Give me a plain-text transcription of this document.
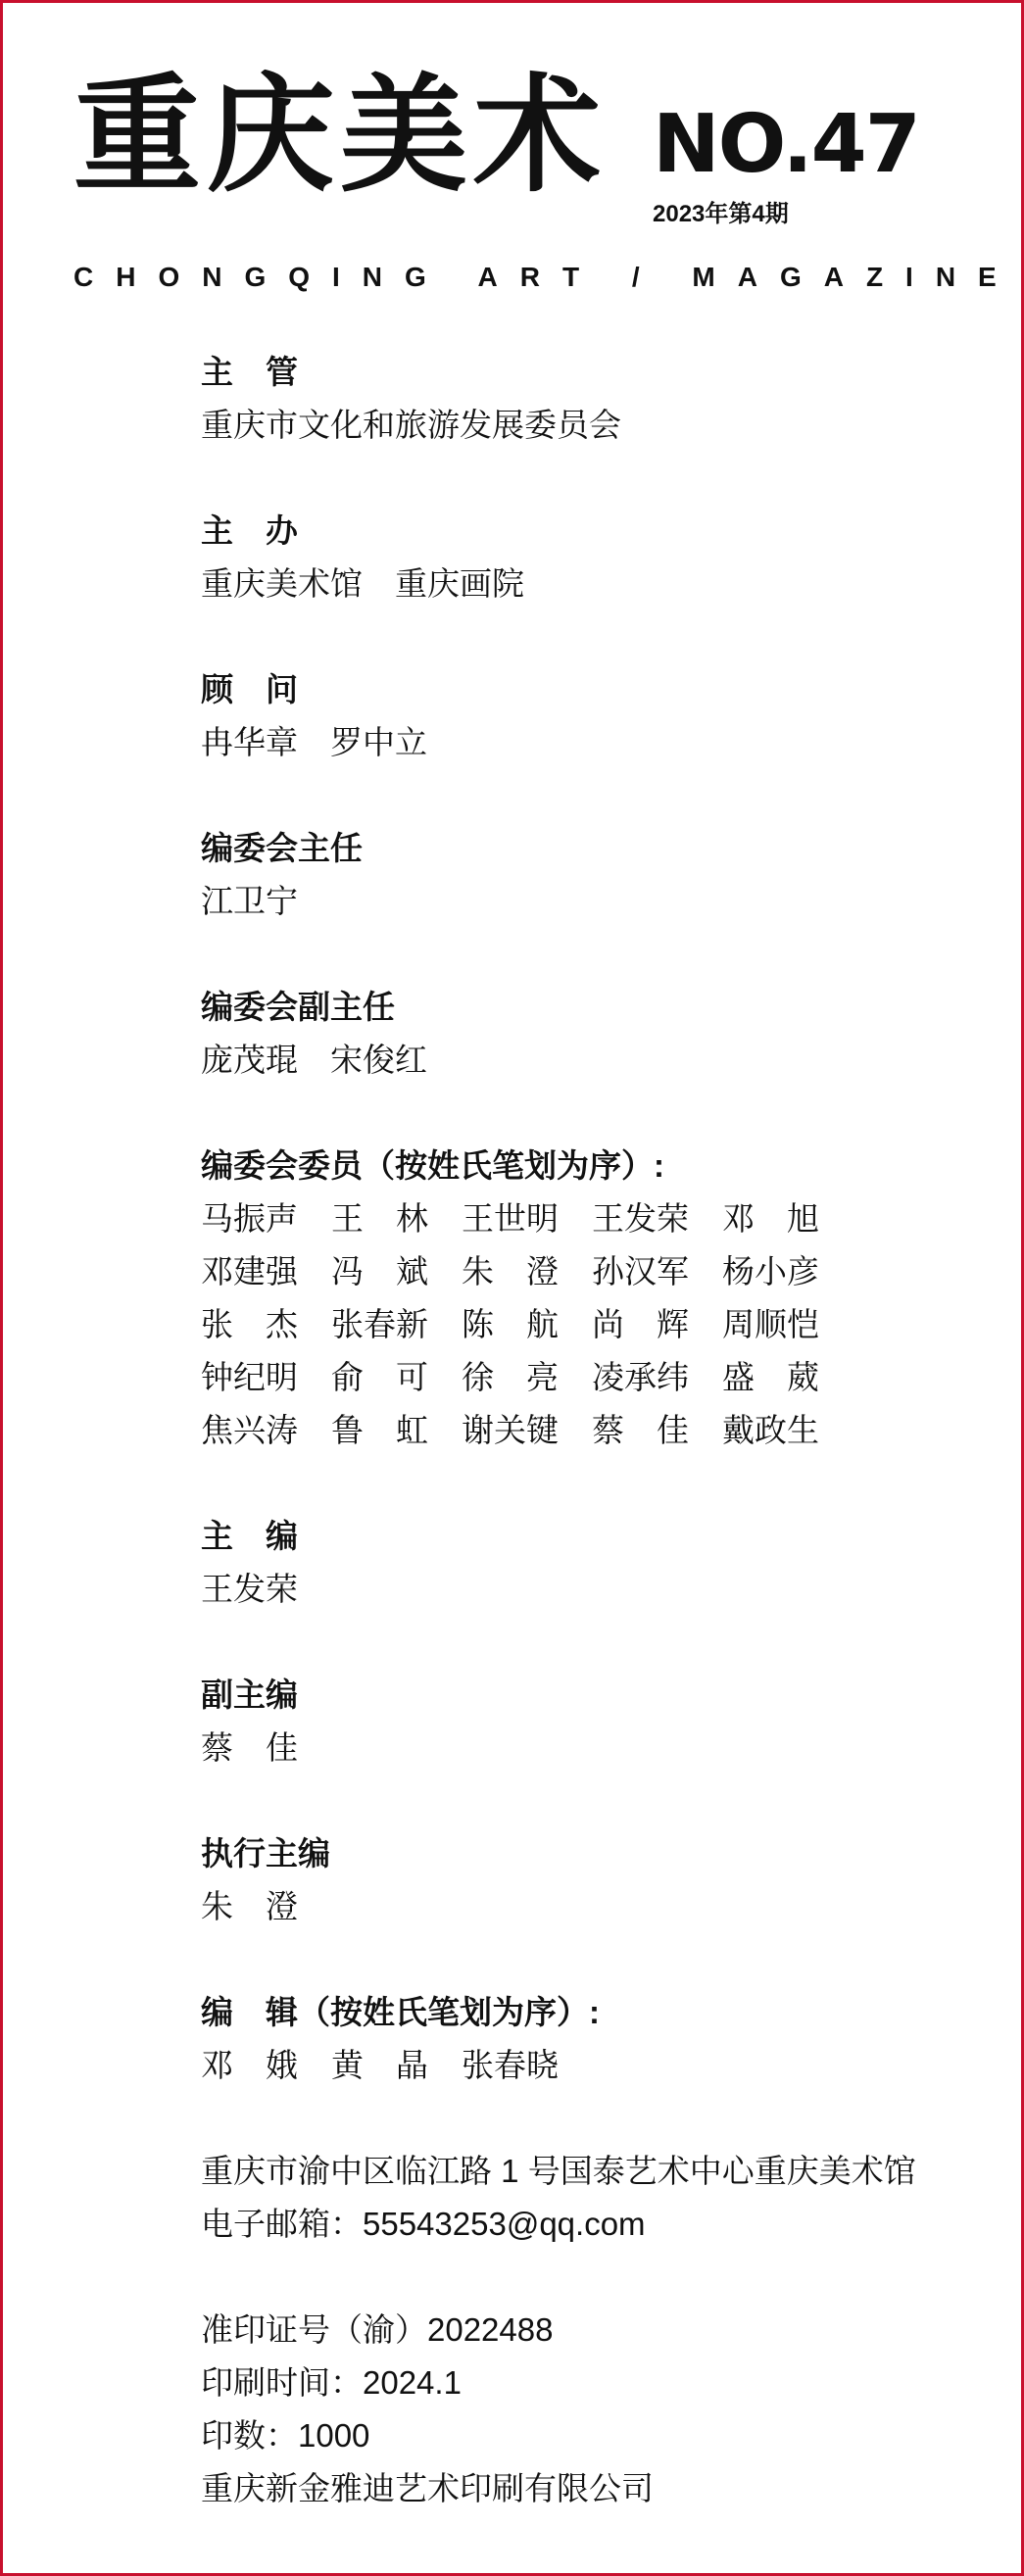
重庆美术 NO.47
2023年第4期
CHONGQING ART / MAGAZINE
主　管
重庆市文化和旅游发展委员会
主　办
重庆美术馆　重庆画院
顾　问
冉华章　罗中立
编委会主任
江卫宁
编委会副主任
庞茂琨　宋俊红
编委会委员（按姓氏笔划为序）:
马振声	王　林	王世明	王发荣	邓　旭
邓建强	冯　斌	朱　澄	孙汉军	杨小彦
张　杰	张春新	陈　航	尚　辉	周顺恺
钟纪明	俞　可	徐　亮	凌承纬	盛　葳
焦兴涛	鲁　虹	谢关键	蔡　佳	戴政生
主　编
王发荣
副主编
蔡　佳
执行主编
朱　澄
编　辑（按姓氏笔划为序）:
邓　娥	黄　晶	张春晓
重庆市渝中区临江路 1 号国泰艺术中心重庆美术馆
电子邮箱：55543253@qq.com
准印证号（渝）2022488
印刷时间：2024.1
印数：1000
重庆新金雅迪艺术印刷有限公司
